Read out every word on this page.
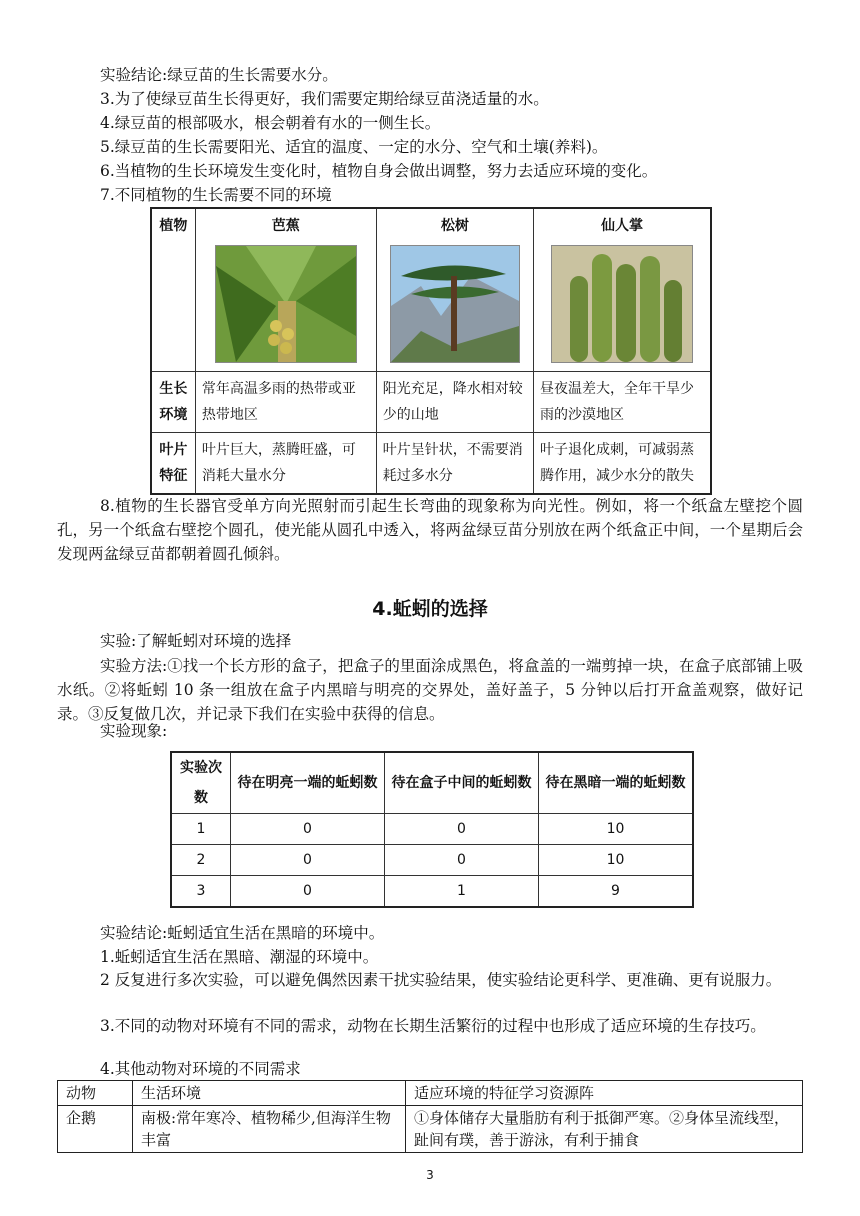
实验结论:绿豆苗的生长需要水分。
3.为了使绿豆苗生长得更好，我们需要定期给绿豆苗浇适量的水。
4.绿豆苗的根部吸水，根会朝着有水的一侧生长。
5.绿豆苗的生长需要阳光、适宜的温度、一定的水分、空气和土壤(养料)。
6.当植物的生长环境发生变化时，植物自身会做出调整，努力去适应环境的变化。
7.不同植物的生长需要不同的环境
植物	芭蕉	松树	仙人掌

生长环境	常年高温多雨的热带或亚热带地区	阳光充足，降水相对较少的山地	昼夜温差大，全年干旱少雨的沙漠地区
叶片特征	叶片巨大，蒸腾旺盛，可消耗大量水分	叶片呈针状，不需要消耗过多水分	叶子退化成刺，可减弱蒸腾作用，减少水分的散失
8.植物的生长器官受单方向光照射而引起生长弯曲的现象称为向光性。例如，将一个纸盒左壁挖个圆孔，另一个纸盒右壁挖个圆孔，使光能从圆孔中透入，将两盆绿豆苗分别放在两个纸盒正中间，一个星期后会发现两盆绿豆苗都朝着圆孔倾斜。
4.蚯蚓的选择
实验:了解蚯蚓对环境的选择
实验方法:①找一个长方形的盒子，把盒子的里面涂成黑色，将盒盖的一端剪掉一块，在盒子底部铺上吸水纸。②将蚯蚓 10 条一组放在盒子内黑暗与明亮的交界处，盖好盖子，5 分钟以后打开盒盖观察，做好记录。③反复做几次，并记录下我们在实验中获得的信息。
实验现象:
实验次数	待在明亮一端的蚯蚓数	待在盒子中间的蚯蚓数	待在黑暗一端的蚯蚓数
1	0	0	10
2	0	0	10
3	0	1	9
实验结论:蚯蚓适宜生活在黑暗的环境中。
1.蚯蚓适宜生活在黑暗、潮湿的环境中。
2 反复进行多次实验，可以避免偶然因素干扰实验结果，使实验结论更科学、更准确、更有说服力。
3.不同的动物对环境有不同的需求，动物在长期生活繁衍的过程中也形成了适应环境的生存技巧。
4.其他动物对环境的不同需求
动物	生活环境	适应环境的特征学习资源阵
企鹅	南极:常年寒冷、植物稀少,但海洋生物丰富	①身体储存大量脂肪有利于抵御严寒。②身体呈流线型，趾间有璞，善于游泳，有利于捕食
3
